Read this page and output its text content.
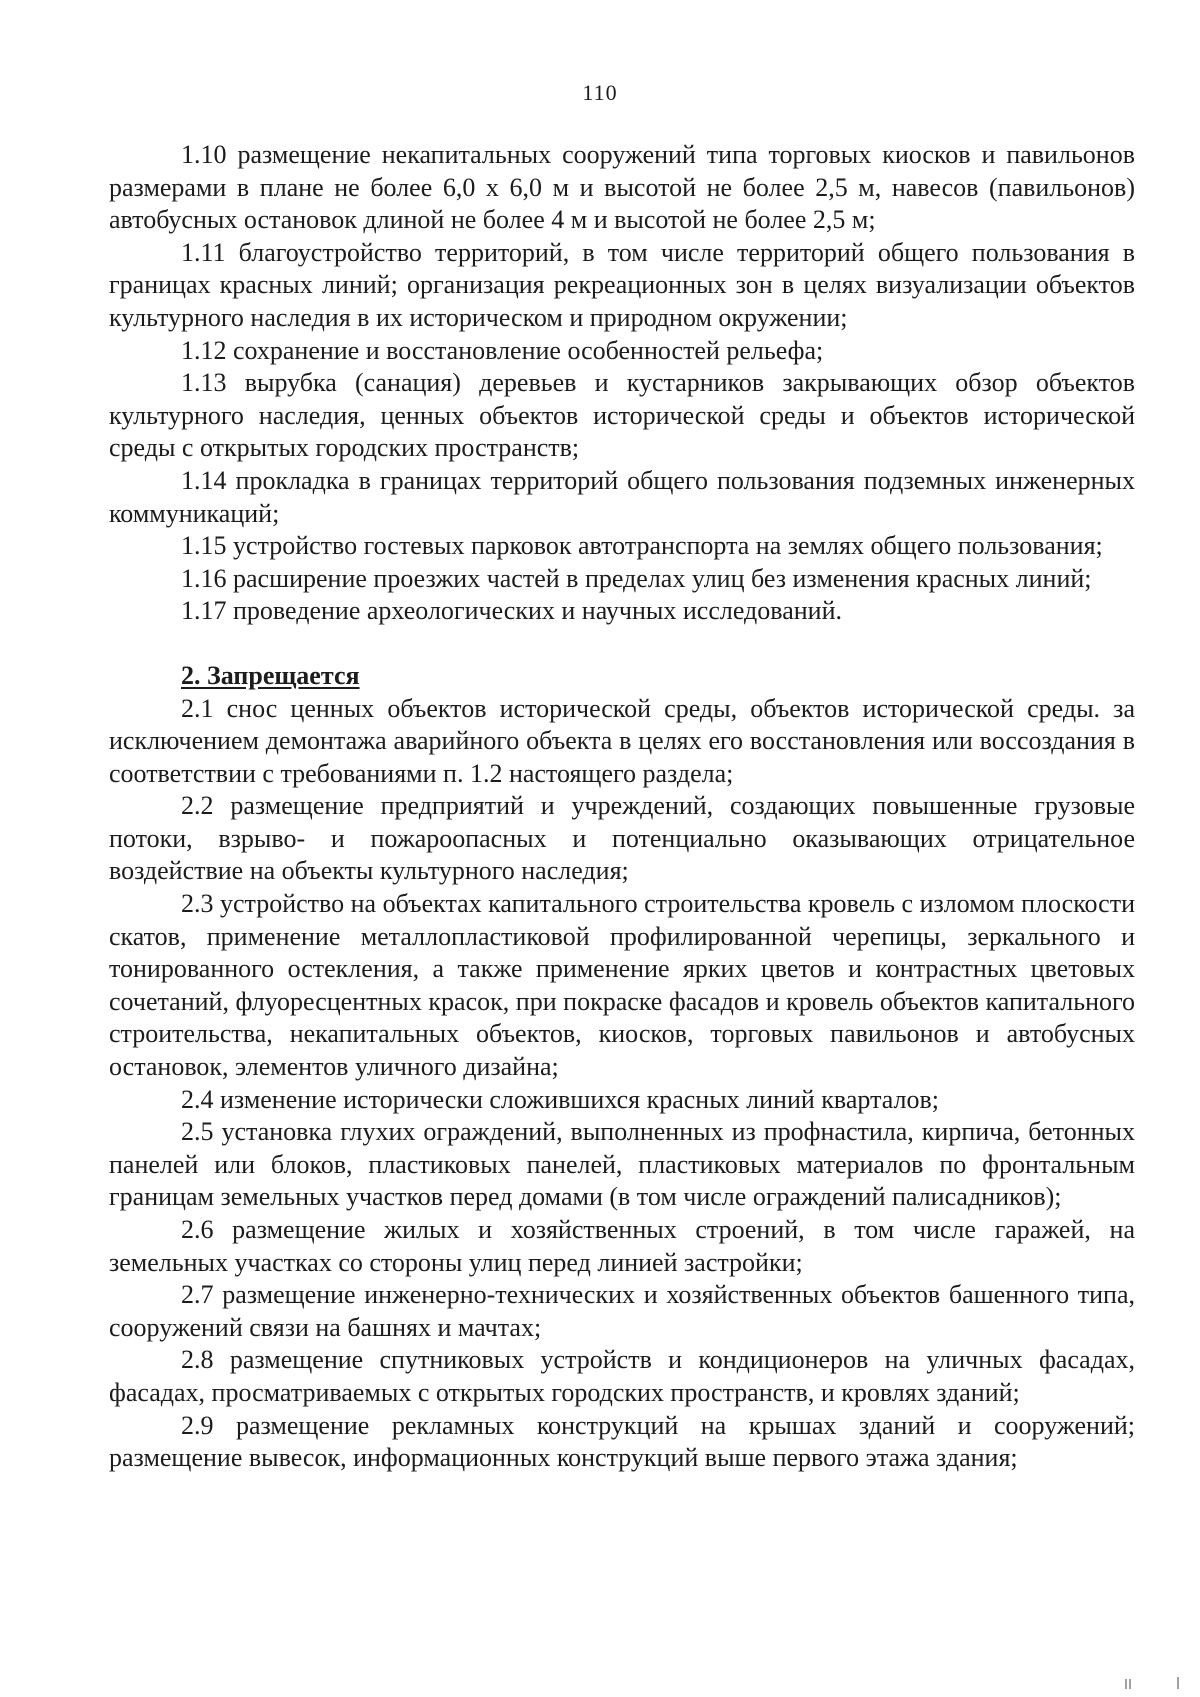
110

1.10 размещение некапитальных сооружений типа торговых киосков и павильонов размерами в плане не более 6,0 х 6,0 м и высотой не более 2,5 м, навесов (павильонов) автобусных остановок длиной не более 4 м и высотой не более 2,5 м;

1.11 благоустройство территорий, в том числе территорий общего пользования в границах красных линий; организация рекреационных зон в целях визуализации объектов культурного наследия в их историческом и природном окружении;

1.12 сохранение и восстановление особенностей рельефа;

1.13 вырубка (санация) деревьев и кустарников закрывающих обзор объектов культурного наследия, ценных объектов исторической среды и объектов исторической среды с открытых городских пространств;

1.14 прокладка в границах территорий общего пользования подземных инженерных коммуникаций;

1.15 устройство гостевых парковок автотранспорта на землях общего пользования;

1.16 расширение проезжих частей в пределах улиц без изменения красных линий;

1.17 проведение археологических и научных исследований.

2. Запрещается

2.1 снос ценных объектов исторической среды, объектов исторической среды. за исключением демонтажа аварийного объекта в целях его восстановления или воссоздания в соответствии с требованиями п. 1.2 настоящего раздела;

2.2 размещение предприятий и учреждений, создающих повышенные грузовые потоки, взрыво- и пожароопасных и потенциально оказывающих отрицательное воздействие на объекты культурного наследия;

2.3 устройство на объектах капитального строительства кровель с изломом плоскости скатов, применение металлопластиковой профилированной черепицы, зеркального и тонированного остекления, а также применение ярких цветов и контрастных цветовых сочетаний, флуоресцентных красок, при покраске фасадов и кровель объектов капитального строительства, некапитальных объектов, киосков, торговых павильонов и автобусных остановок, элементов уличного дизайна;

2.4 изменение исторически сложившихся красных линий кварталов;

2.5 установка глухих ограждений, выполненных из профнастила, кирпича, бетонных панелей или блоков, пластиковых панелей, пластиковых материалов по фронтальным границам земельных участков перед домами (в том числе ограждений палисадников);

2.6 размещение жилых и хозяйственных строений, в том числе гаражей, на земельных участках со стороны улиц перед линией застройки;

2.7 размещение инженерно-технических и хозяйственных объектов башенного типа, сооружений связи на башнях и мачтах;

2.8 размещение спутниковых устройств и кондиционеров на уличных фасадах, фасадах, просматриваемых с открытых городских пространств, и кровлях зданий;

2.9 размещение рекламных конструкций на крышах зданий и сооружений; размещение вывесок, информационных конструкций выше первого этажа здания;
